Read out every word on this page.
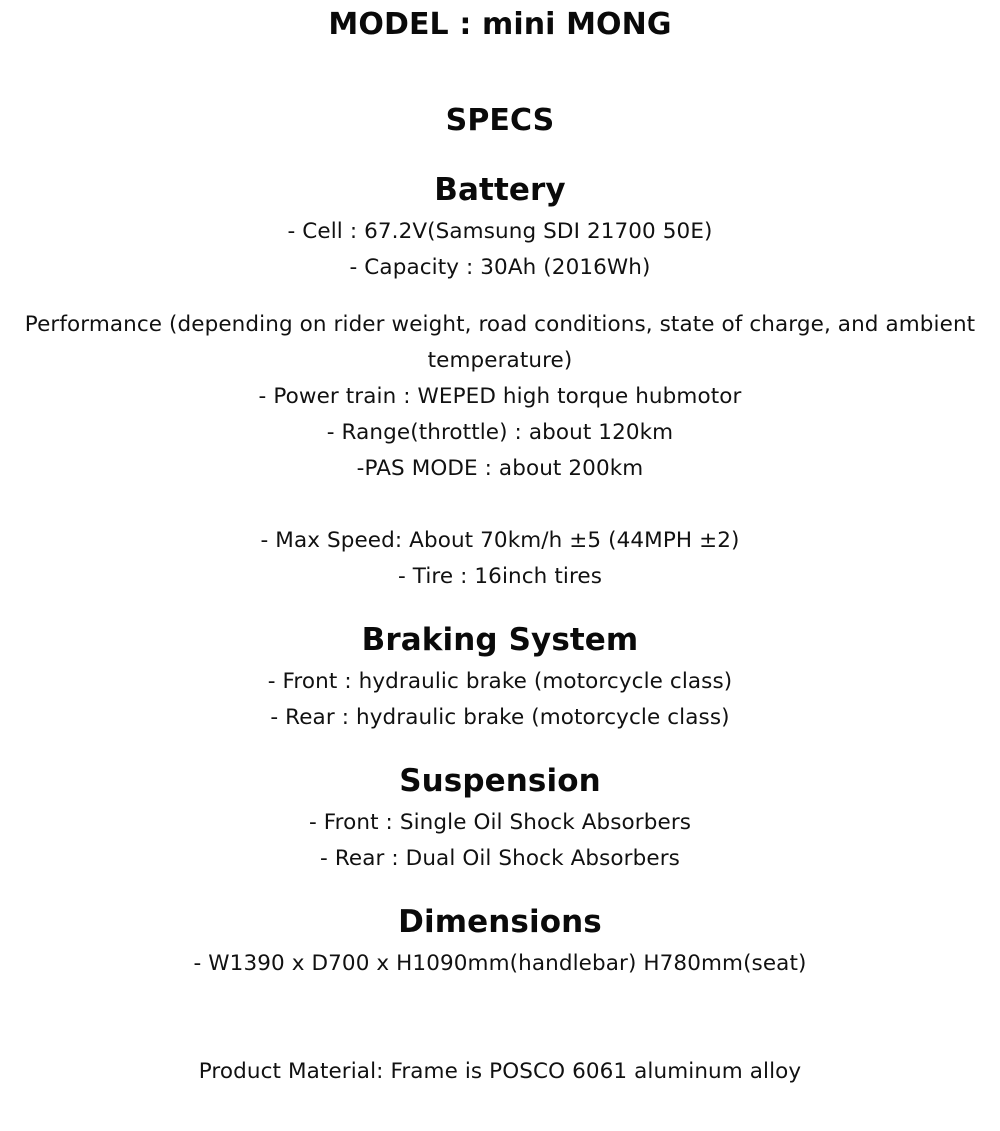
MODEL : mini MONG
SPECS
Battery
- Cell : 67.2V(Samsung SDI 21700 50E)
- Capacity : 30Ah (2016Wh)
Performance (depending on rider weight, road conditions, state of charge, and ambient
temperature)
- Power train : WEPED high torque hubmotor
- Range(throttle) : about 120km
-PAS MODE : about 200km
- Max Speed: About 70km/h ±5 (44MPH ±2)
- Tire : 16inch tires
Braking System
- Front : hydraulic brake (motorcycle class)
- Rear : hydraulic brake (motorcycle class)
Suspension
- Front : Single Oil Shock Absorbers
- Rear : Dual Oil Shock Absorbers
Dimensions
- W1390 x D700 x H1090mm(handlebar) H780mm(seat)
Product Material: Frame is POSCO 6061 aluminum alloy
